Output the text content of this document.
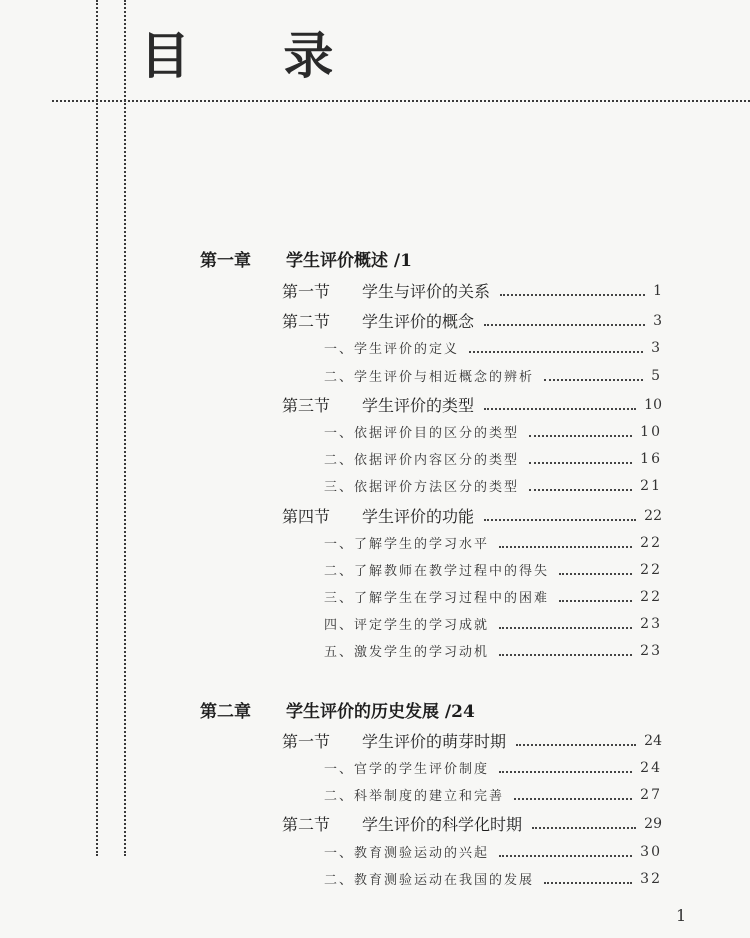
目 录
第一章	学生评价概述 /1
第一节	学生与评价的关系	1
第二节	学生评价的概念	3
一、学生评价的定义	3
二、学生评价与相近概念的辨析	5
第三节	学生评价的类型	10
一、依据评价目的区分的类型	10
二、依据评价内容区分的类型	16
三、依据评价方法区分的类型	21
第四节	学生评价的功能	22
一、了解学生的学习水平	22
二、了解教师在教学过程中的得失	22
三、了解学生在学习过程中的困难	22
四、评定学生的学习成就	23
五、激发学生的学习动机	23
第二章	学生评价的历史发展 /24
第一节	学生评价的萌芽时期	24
一、官学的学生评价制度	24
二、科举制度的建立和完善	27
第二节	学生评价的科学化时期	29
一、教育测验运动的兴起	30
二、教育测验运动在我国的发展	32
1
